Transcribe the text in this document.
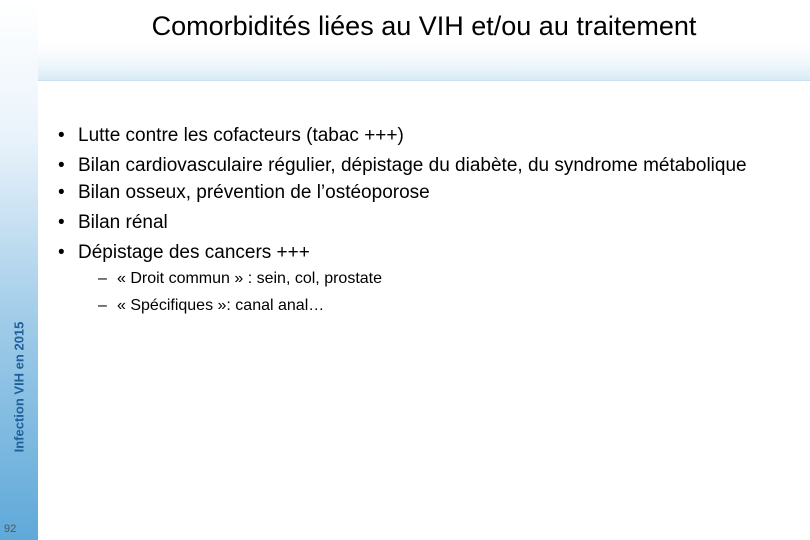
Comorbidités liées au VIH et/ou au traitement
Infection VIH en 2015
92
• Lutte contre les cofacteurs (tabac +++)
• Bilan cardiovasculaire régulier, dépistage du diabète, du syndrome métabolique
• Bilan osseux, prévention de l’ostéoporose
• Bilan rénal
• Dépistage des cancers +++
– « Droit commun » : sein, col, prostate
– « Spécifiques »: canal anal…
